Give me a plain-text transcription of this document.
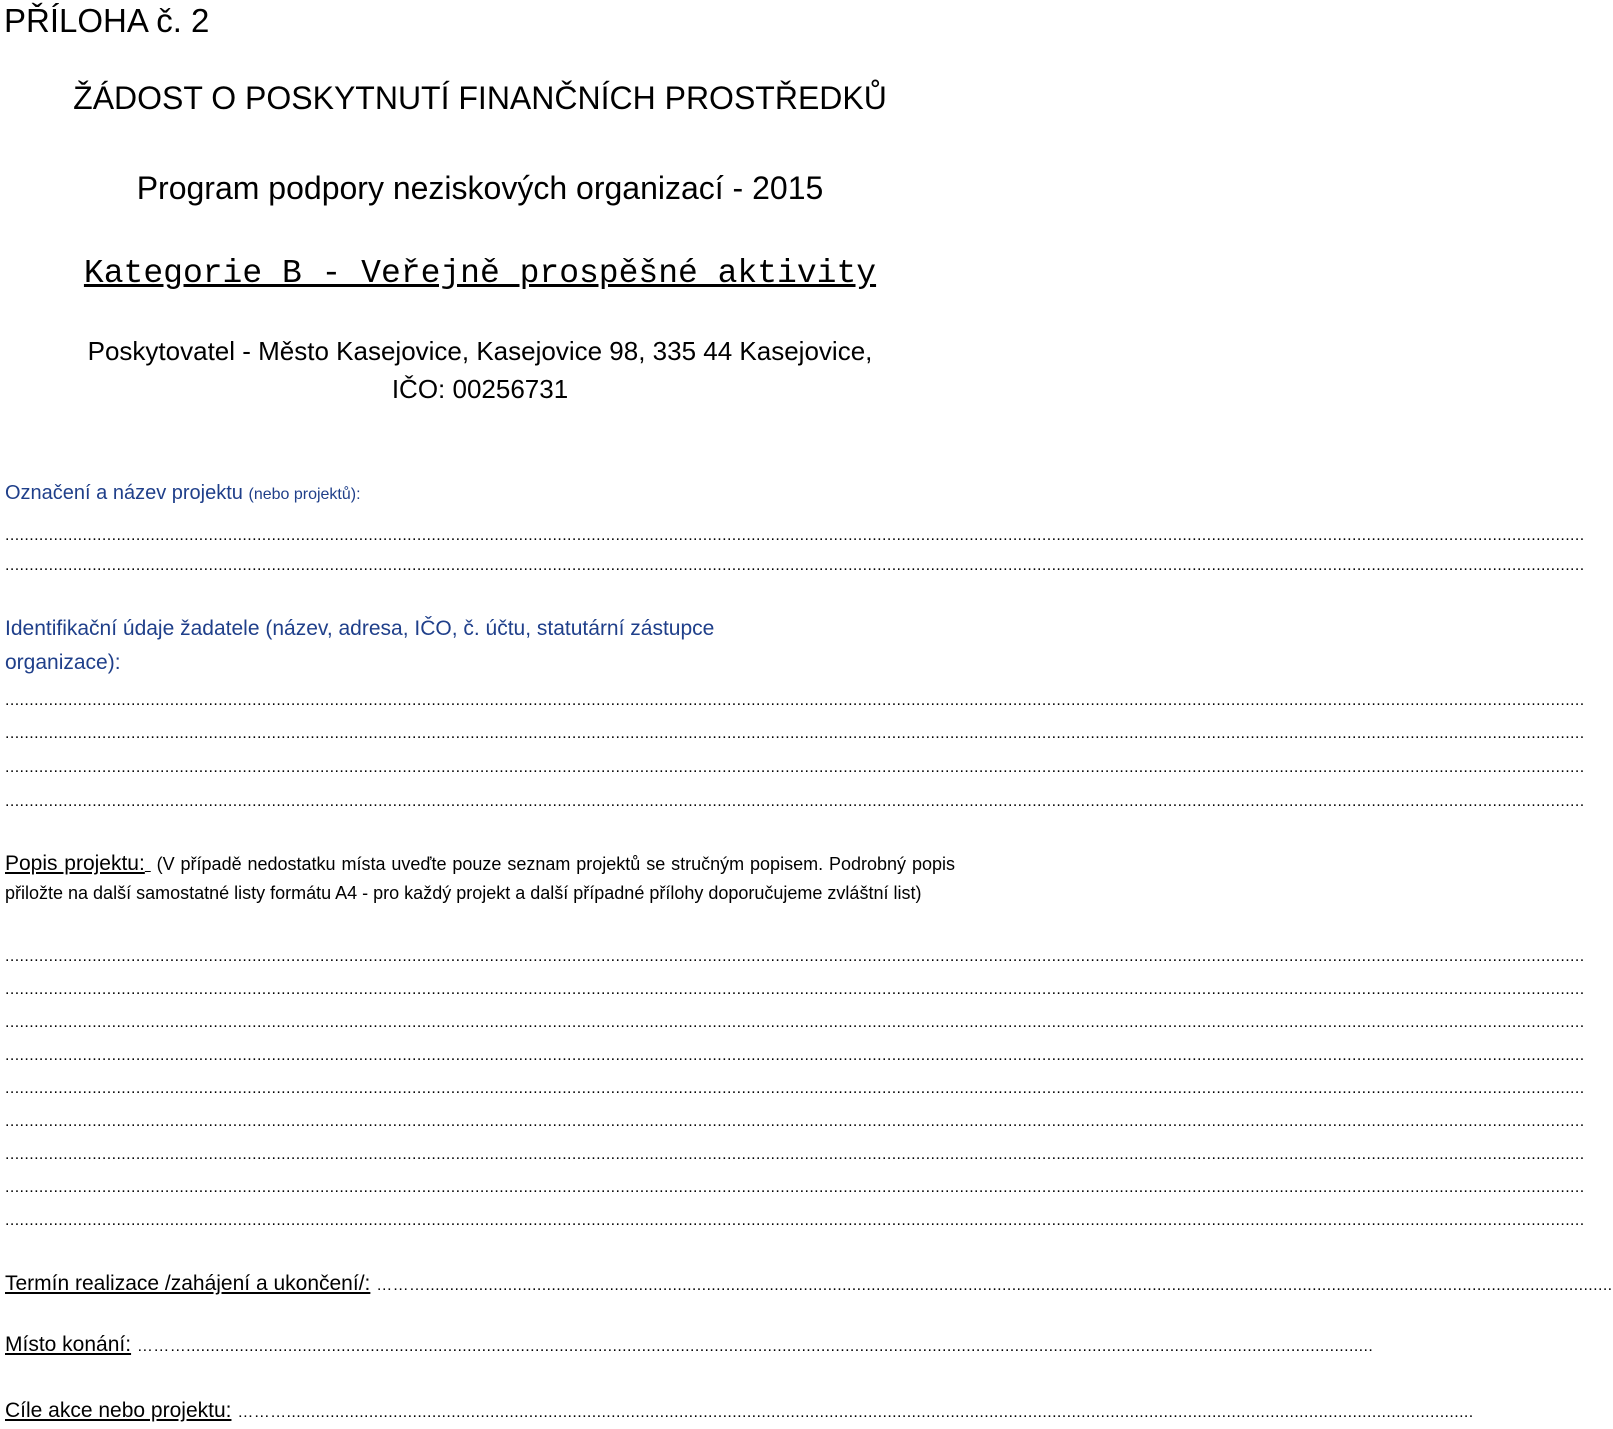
PŘÍLOHA č. 2
ŽÁDOST O POSKYTNUTÍ FINANČNÍCH PROSTŘEDKŮ
Program podpory neziskových organizací - 2015
Kategorie B - Veřejně prospěšné aktivity
Poskytovatel - Město Kasejovice, Kasejovice 98, 335 44 Kasejovice,
IČO: 00256731
Označení a název projektu (nebo projektů):
......................................................................................................................................................................................................................................................................................................................................
......................................................................................................................................................................................................................................................................................................................................
Identifikační údaje žadatele (název, adresa, IČO, č. účtu, statutární zástupce
organizace):
......................................................................................................................................................................................................................................................................................................................................
......................................................................................................................................................................................................................................................................................................................................
......................................................................................................................................................................................................................................................................................................................................
......................................................................................................................................................................................................................................................................................................................................
Popis projektu: (V případě nedostatku místa uveďte pouze seznam projektů se stručným popisem. Podrobný popis přiložte na další samostatné listy formátu A4 - pro každý projekt a další případné přílohy doporučujeme zvláštní list)
......................................................................................................................................................................................................................................................................................................................................
......................................................................................................................................................................................................................................................................................................................................
......................................................................................................................................................................................................................................................................................................................................
......................................................................................................................................................................................................................................................................................................................................
......................................................................................................................................................................................................................................................................................................................................
......................................................................................................................................................................................................................................................................................................................................
......................................................................................................................................................................................................................................................................................................................................
......................................................................................................................................................................................................................................................................................................................................
......................................................................................................................................................................................................................................................................................................................................
Termín realizace /zahájení a ukončení/: ……….....................................................................................................................................................................................................................................................
Místo konání: ……….....................................................................................................................................................................................................................................................
Cíle akce nebo projektu: ……….....................................................................................................................................................................................................................................................
